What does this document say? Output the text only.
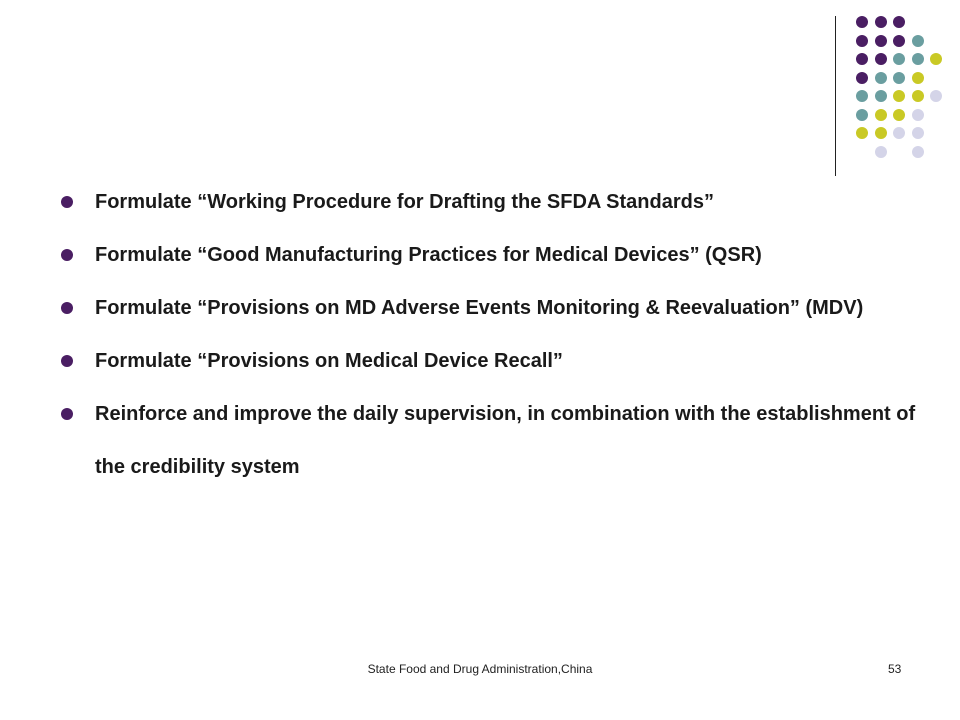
Formulate “Working Procedure for Drafting the SFDA Standards”
Formulate “Good Manufacturing Practices for Medical Devices” (QSR)
Formulate “Provisions on MD Adverse Events Monitoring & Reevaluation” (MDV)
Formulate “Provisions on Medical Device Recall”
Reinforce and improve the daily supervision, in combination with the establishment of the credibility system
State Food and Drug Administration,China	53
